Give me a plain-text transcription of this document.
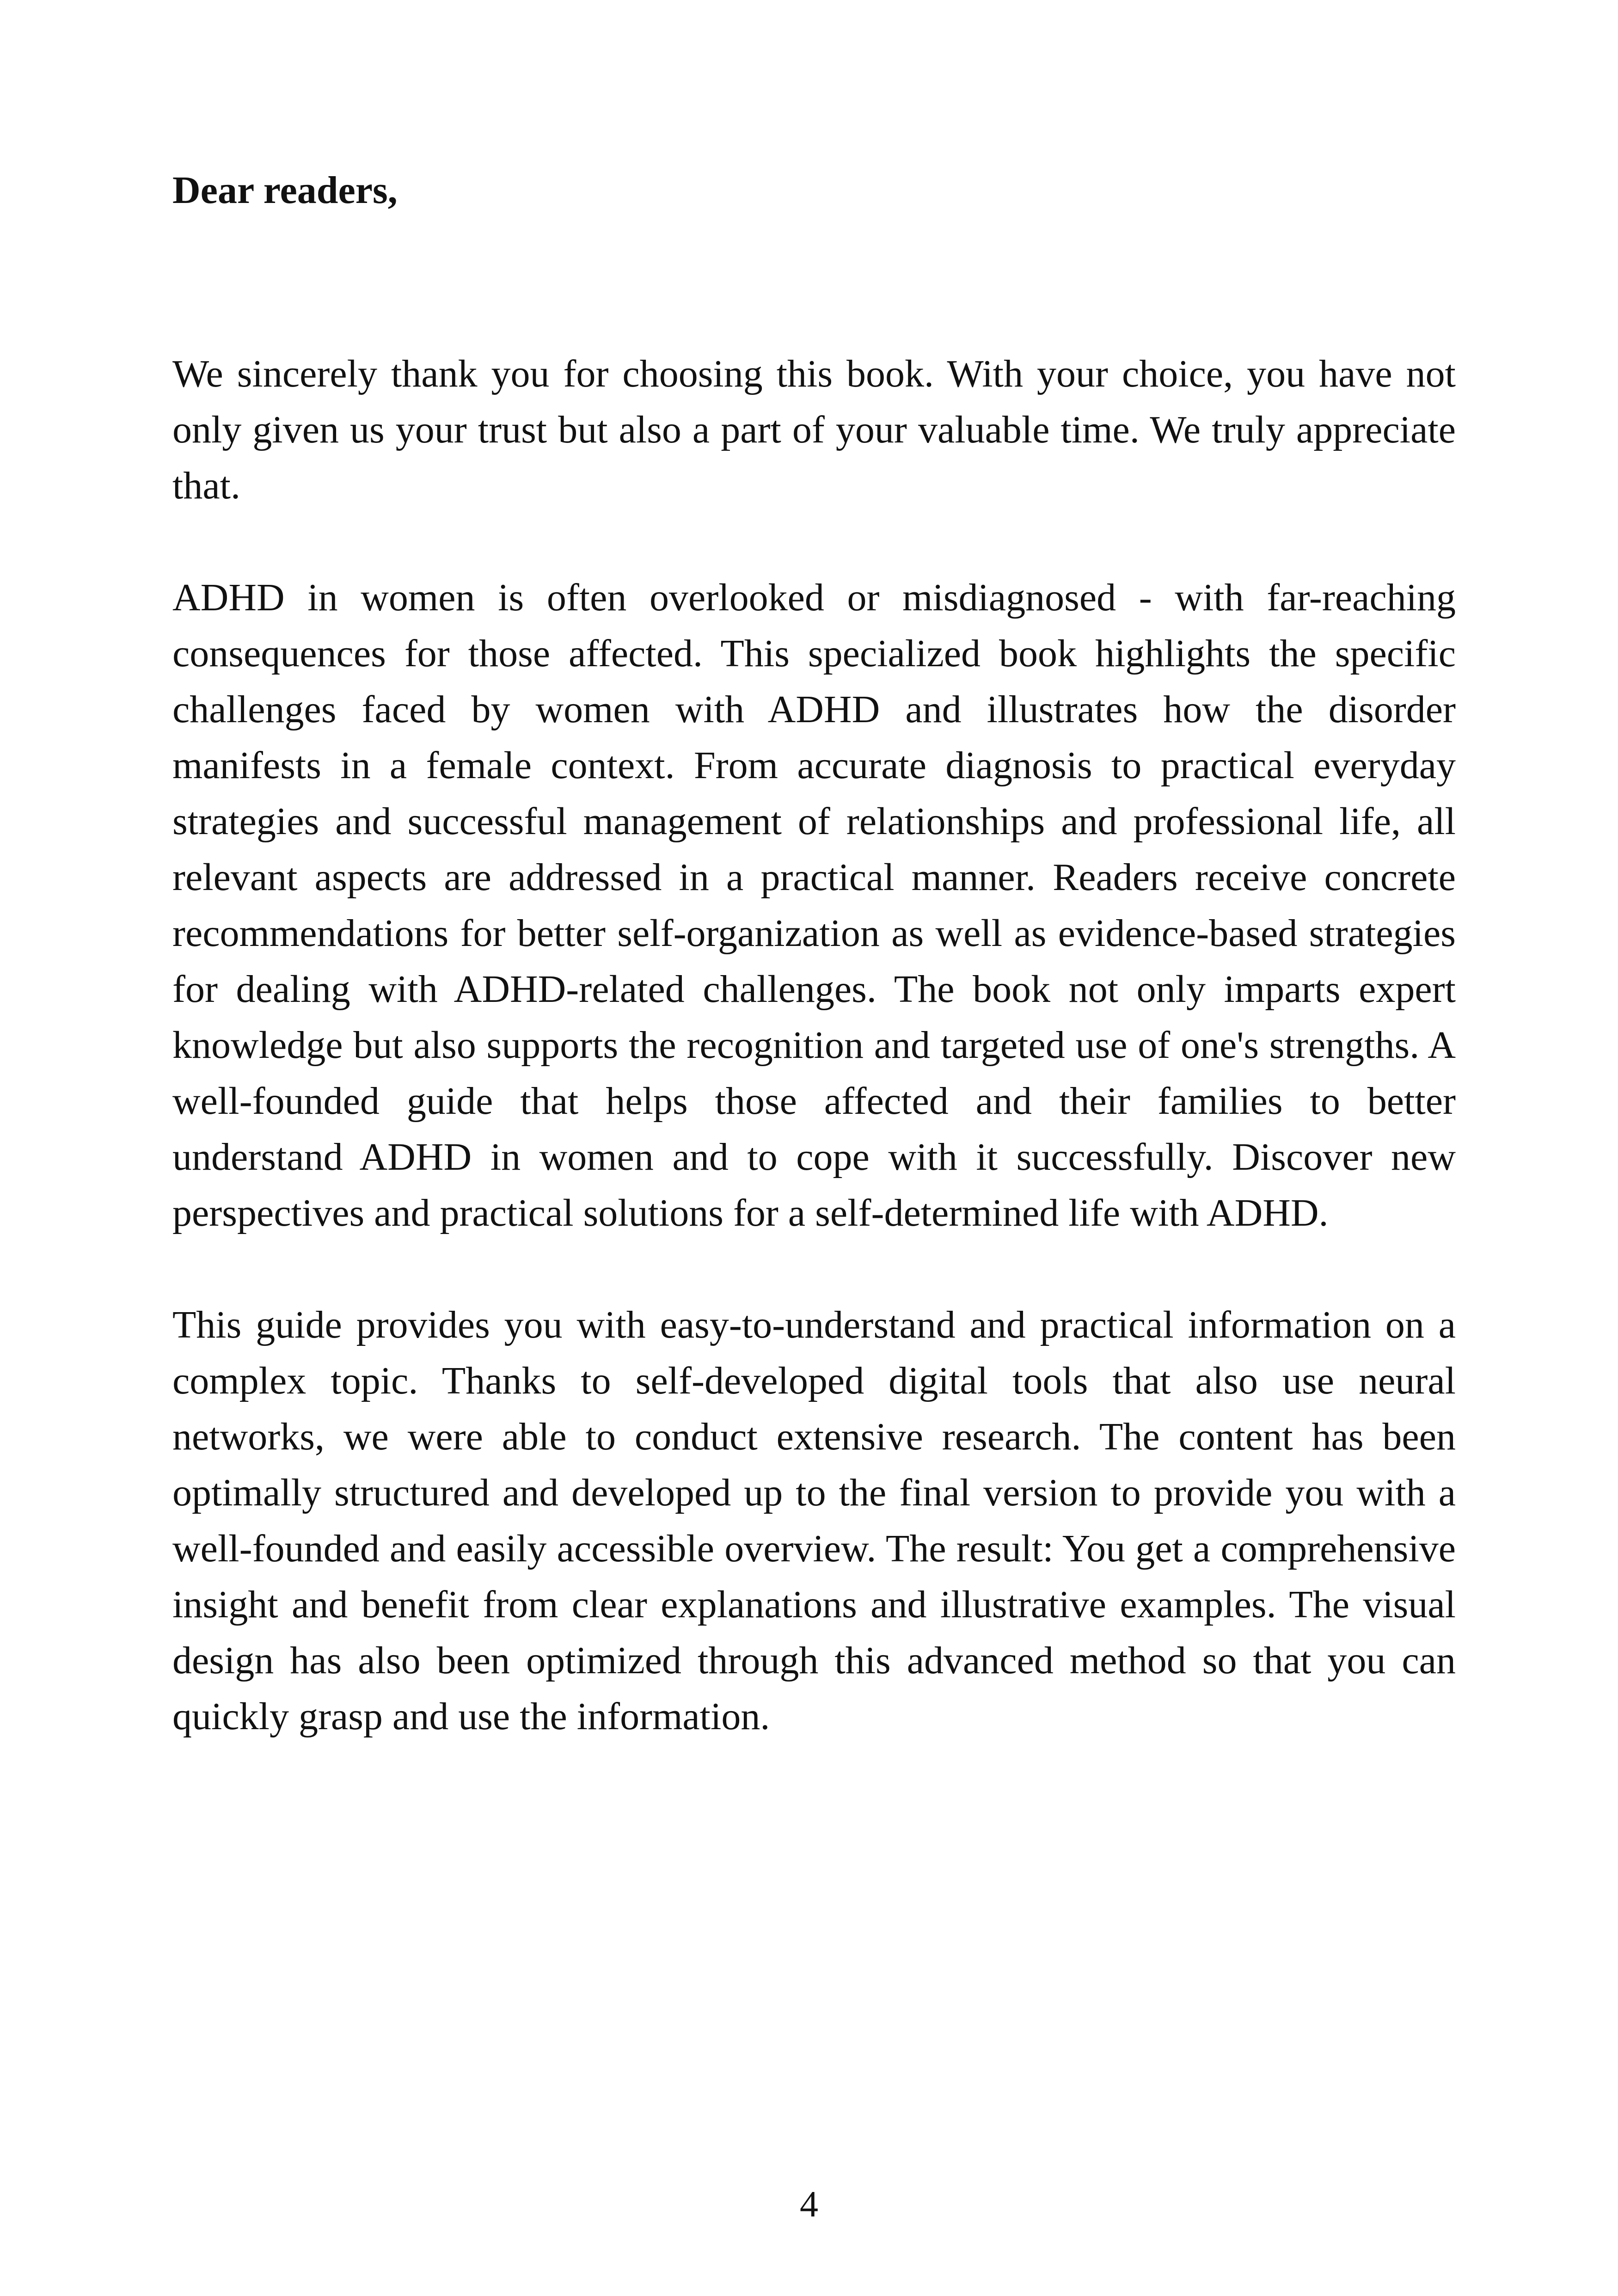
Dear readers,

We sincerely thank you for choosing this book. With your choice, you have not only given us your trust but also a part of your valuable time. We truly appreciate that.

ADHD in women is often overlooked or misdiagnosed - with far-reaching consequences for those affected. This specialized book highlights the specific challenges faced by women with ADHD and illustrates how the disorder manifests in a female context. From accurate diagnosis to practical everyday strategies and successful management of relationships and professional life, all relevant aspects are addressed in a practical manner. Readers receive concrete recommendations for better self-organization as well as evidence-based strategies for dealing with ADHD-related challenges. The book not only imparts expert knowledge but also supports the recognition and targeted use of one's strengths. A well-founded guide that helps those affected and their families to better understand ADHD in women and to cope with it successfully. Discover new perspectives and practical solutions for a self-determined life with ADHD.

This guide provides you with easy-to-understand and practical information on a complex topic. Thanks to self-developed digital tools that also use neural networks, we were able to conduct extensive research. The content has been optimally structured and developed up to the final version to provide you with a well-founded and easily accessible overview. The result: You get a comprehensive insight and benefit from clear explanations and illustrative examples. The visual design has also been optimized through this advanced method so that you can quickly grasp and use the information.

4
